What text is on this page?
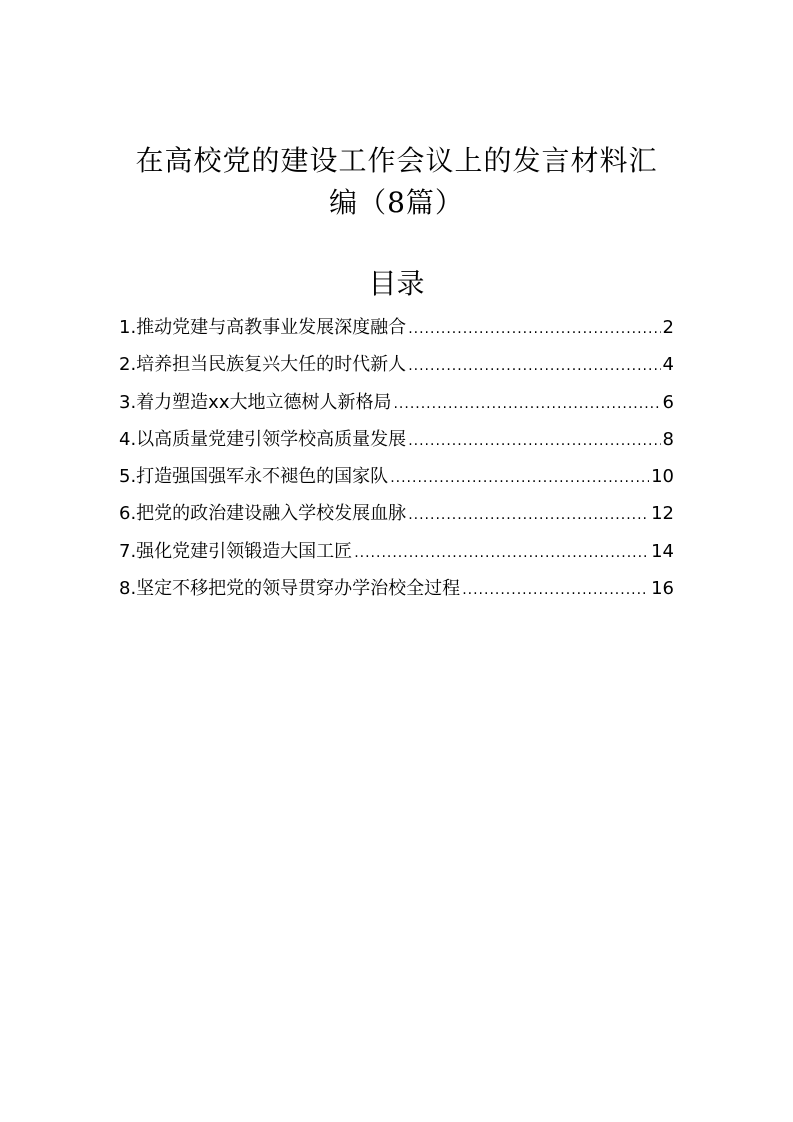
在高校党的建设工作会议上的发言材料汇
编（8篇）
目录
1.推动党建与高教事业发展深度融合 .....	2
2.培养担当民族复兴大任的时代新人 .....	4
3.着力塑造xx大地立德树人新格局 .....	6
4.以高质量党建引领学校高质量发展 .....	8
5.打造强国强军永不褪色的国家队 .....	10
6.把党的政治建设融入学校发展血脉 .....	12
7.强化党建引领锻造大国工匠 .....	14
8.坚定不移把党的领导贯穿办学治校全过程 .....	16
